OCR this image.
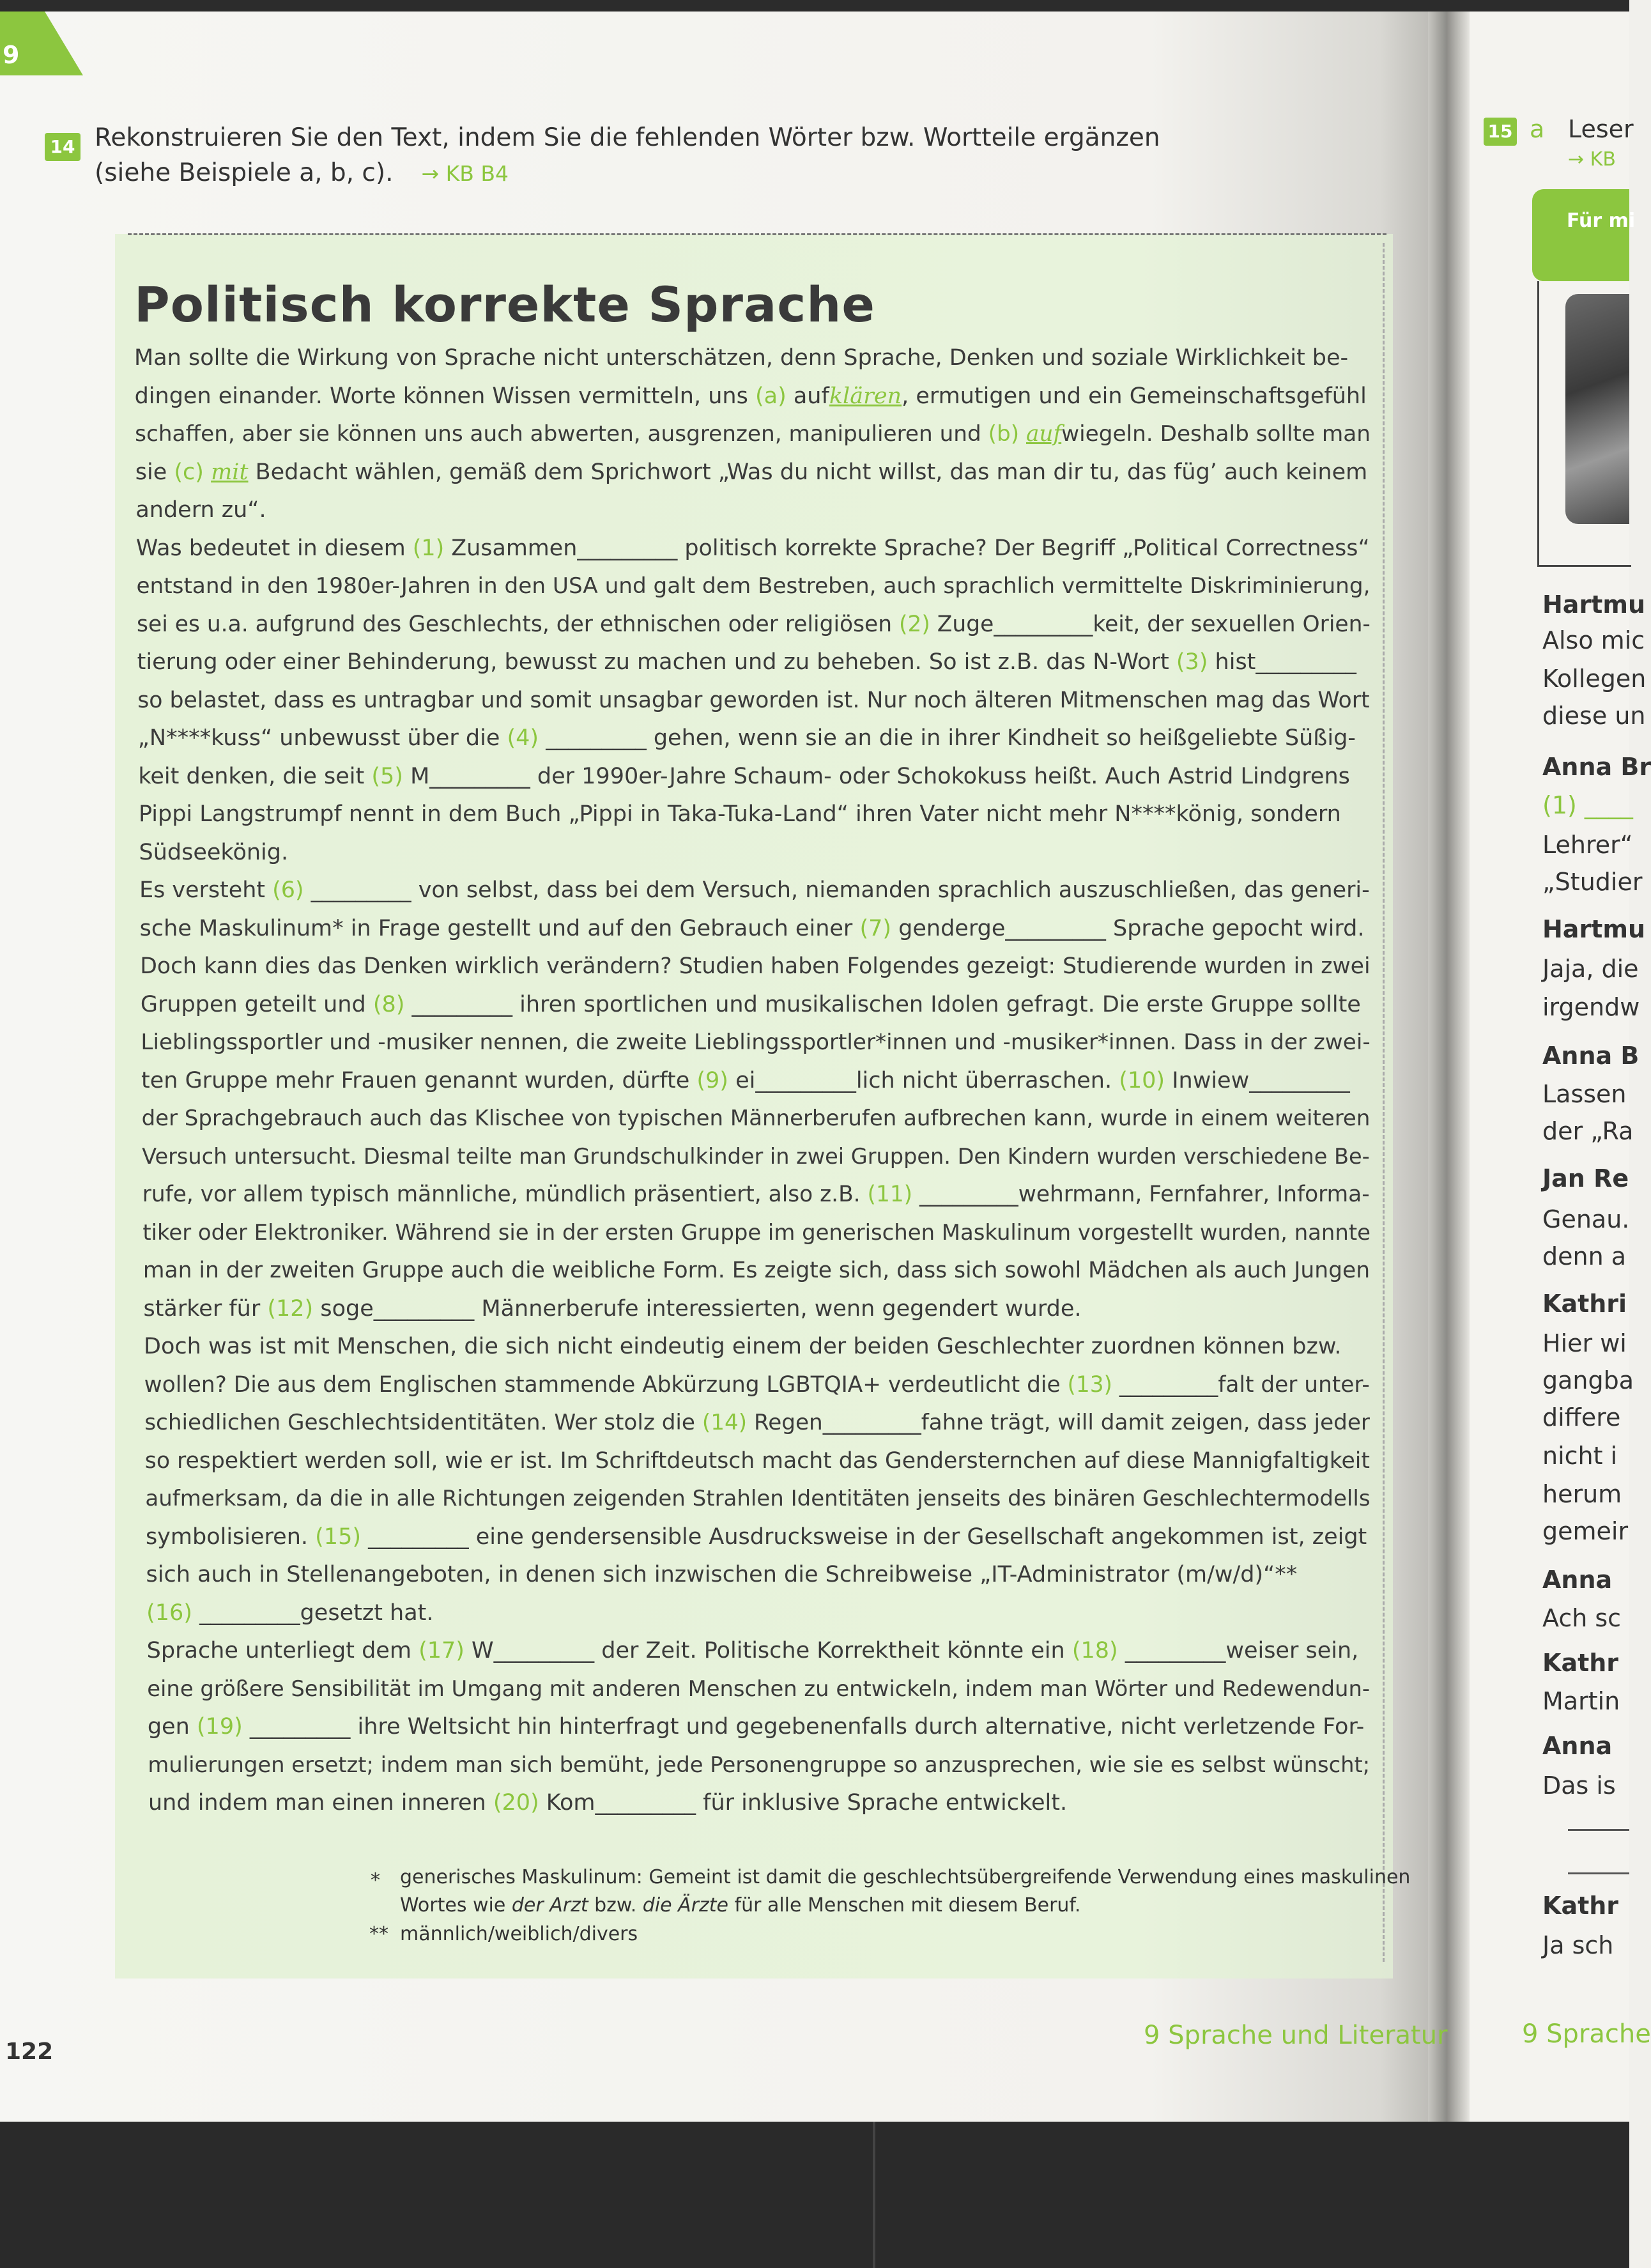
9
14 Rekonstruieren Sie den Text, indem Sie die fehlenden Wörter bzw. Wortteile ergänzen
(siehe Beispiele a, b, c). → KB B4
Politisch korrekte Sprache
Man sollte die Wirkung von Sprache nicht unterschätzen, denn Sprache, Denken und soziale Wirklichkeit be-
dingen einander. Worte können Wissen vermitteln, uns (a) aufklären, ermutigen und ein Gemeinschaftsgefühl
schaffen, aber sie können uns auch abwerten, ausgrenzen, manipulieren und (b) aufwiegeln. Deshalb sollte man
sie (c) mit Bedacht wählen, gemäß dem Sprichwort „Was du nicht willst, das man dir tu, das füg’ auch keinem
andern zu“.
Was bedeutet in diesem (1) Zusammen_________ politisch korrekte Sprache? Der Begriff „Political Correctness“
entstand in den 1980er-Jahren in den USA und galt dem Bestreben, auch sprachlich vermittelte Diskriminierung,
sei es u.a. aufgrund des Geschlechts, der ethnischen oder religiösen (2) Zuge_________keit, der sexuellen Orien-
tierung oder einer Behinderung, bewusst zu machen und zu beheben. So ist z.B. das N-Wort (3) hist_________
so belastet, dass es untragbar und somit unsagbar geworden ist. Nur noch älteren Mitmenschen mag das Wort
„N****kuss“ unbewusst über die (4) _________ gehen, wenn sie an die in ihrer Kindheit so heißgeliebte Süßig-
keit denken, die seit (5) M_________ der 1990er-Jahre Schaum- oder Schokokuss heißt. Auch Astrid Lindgrens
Pippi Langstrumpf nennt in dem Buch „Pippi in Taka-Tuka-Land“ ihren Vater nicht mehr N****könig, sondern
Südseekönig.
Es versteht (6) _________ von selbst, dass bei dem Versuch, niemanden sprachlich auszuschließen, das generi-
sche Maskulinum* in Frage gestellt und auf den Gebrauch einer (7) genderge_________ Sprache gepocht wird.
Doch kann dies das Denken wirklich verändern? Studien haben Folgendes gezeigt: Studierende wurden in zwei
Gruppen geteilt und (8) _________ ihren sportlichen und musikalischen Idolen gefragt. Die erste Gruppe sollte
Lieblingssportler und -musiker nennen, die zweite Lieblingssportler*innen und -musiker*innen. Dass in der zwei-
ten Gruppe mehr Frauen genannt wurden, dürfte (9) ei_________lich nicht überraschen. (10) Inwiew_________
der Sprachgebrauch auch das Klischee von typischen Männerberufen aufbrechen kann, wurde in einem weiteren
Versuch untersucht. Diesmal teilte man Grundschulkinder in zwei Gruppen. Den Kindern wurden verschiedene Be-
rufe, vor allem typisch männliche, mündlich präsentiert, also z.B. (11) _________wehrmann, Fernfahrer, Informa-
tiker oder Elektroniker. Während sie in der ersten Gruppe im generischen Maskulinum vorgestellt wurden, nannte
man in der zweiten Gruppe auch die weibliche Form. Es zeigte sich, dass sich sowohl Mädchen als auch Jungen
stärker für (12) soge_________ Männerberufe interessierten, wenn gegendert wurde.
Doch was ist mit Menschen, die sich nicht eindeutig einem der beiden Geschlechter zuordnen können bzw.
wollen? Die aus dem Englischen stammende Abkürzung LGBTQIA+ verdeutlicht die (13) _________falt der unter-
schiedlichen Geschlechtsidentitäten. Wer stolz die (14) Regen_________fahne trägt, will damit zeigen, dass jeder
so respektiert werden soll, wie er ist. Im Schriftdeutsch macht das Gendersternchen auf diese Mannigfaltigkeit
aufmerksam, da die in alle Richtungen zeigenden Strahlen Identitäten jenseits des binären Geschlechtermodells
symbolisieren. (15) _________ eine gendersensible Ausdrucksweise in der Gesellschaft angekommen ist, zeigt
sich auch in Stellenangeboten, in denen sich inzwischen die Schreibweise „IT-Administrator (m/w/d)“**
(16) _________gesetzt hat.
Sprache unterliegt dem (17) W_________ der Zeit. Politische Korrektheit könnte ein (18) _________weiser sein,
eine größere Sensibilität im Umgang mit anderen Menschen zu entwickeln, indem man Wörter und Redewendun-
gen (19) _________ ihre Weltsicht hin hinterfragt und gegebenenfalls durch alternative, nicht verletzende For-
mulierungen ersetzt; indem man sich bemüht, jede Personengruppe so anzusprechen, wie sie es selbst wünscht;
und indem man einen inneren (20) Kom_________ für inklusive Sprache entwickelt.
* generisches Maskulinum: Gemeint ist damit die geschlechtsübergreifende Verwendung eines maskulinen
Wortes wie der Arzt bzw. die Ärzte für alle Menschen mit diesem Beruf.
** männlich/weiblich/divers
122
9 Sprache und Literatur
15 a Leser
→ KB
Für mi
Hartmu
Also mic
Kollegen
diese un
Anna Br
(1) ____
Lehrer“
„Studier
Hartmu
Jaja, die
irgendw
Anna B
Lassen
der „Ra
Jan Re
Genau.
denn a
Kathri
Hier wi
gangba
differe
nicht i
herum
gemeir
Anna
Ach sc
Kathr
Martin
Anna
Das is
Kathr
Ja sch
9 Sprache
